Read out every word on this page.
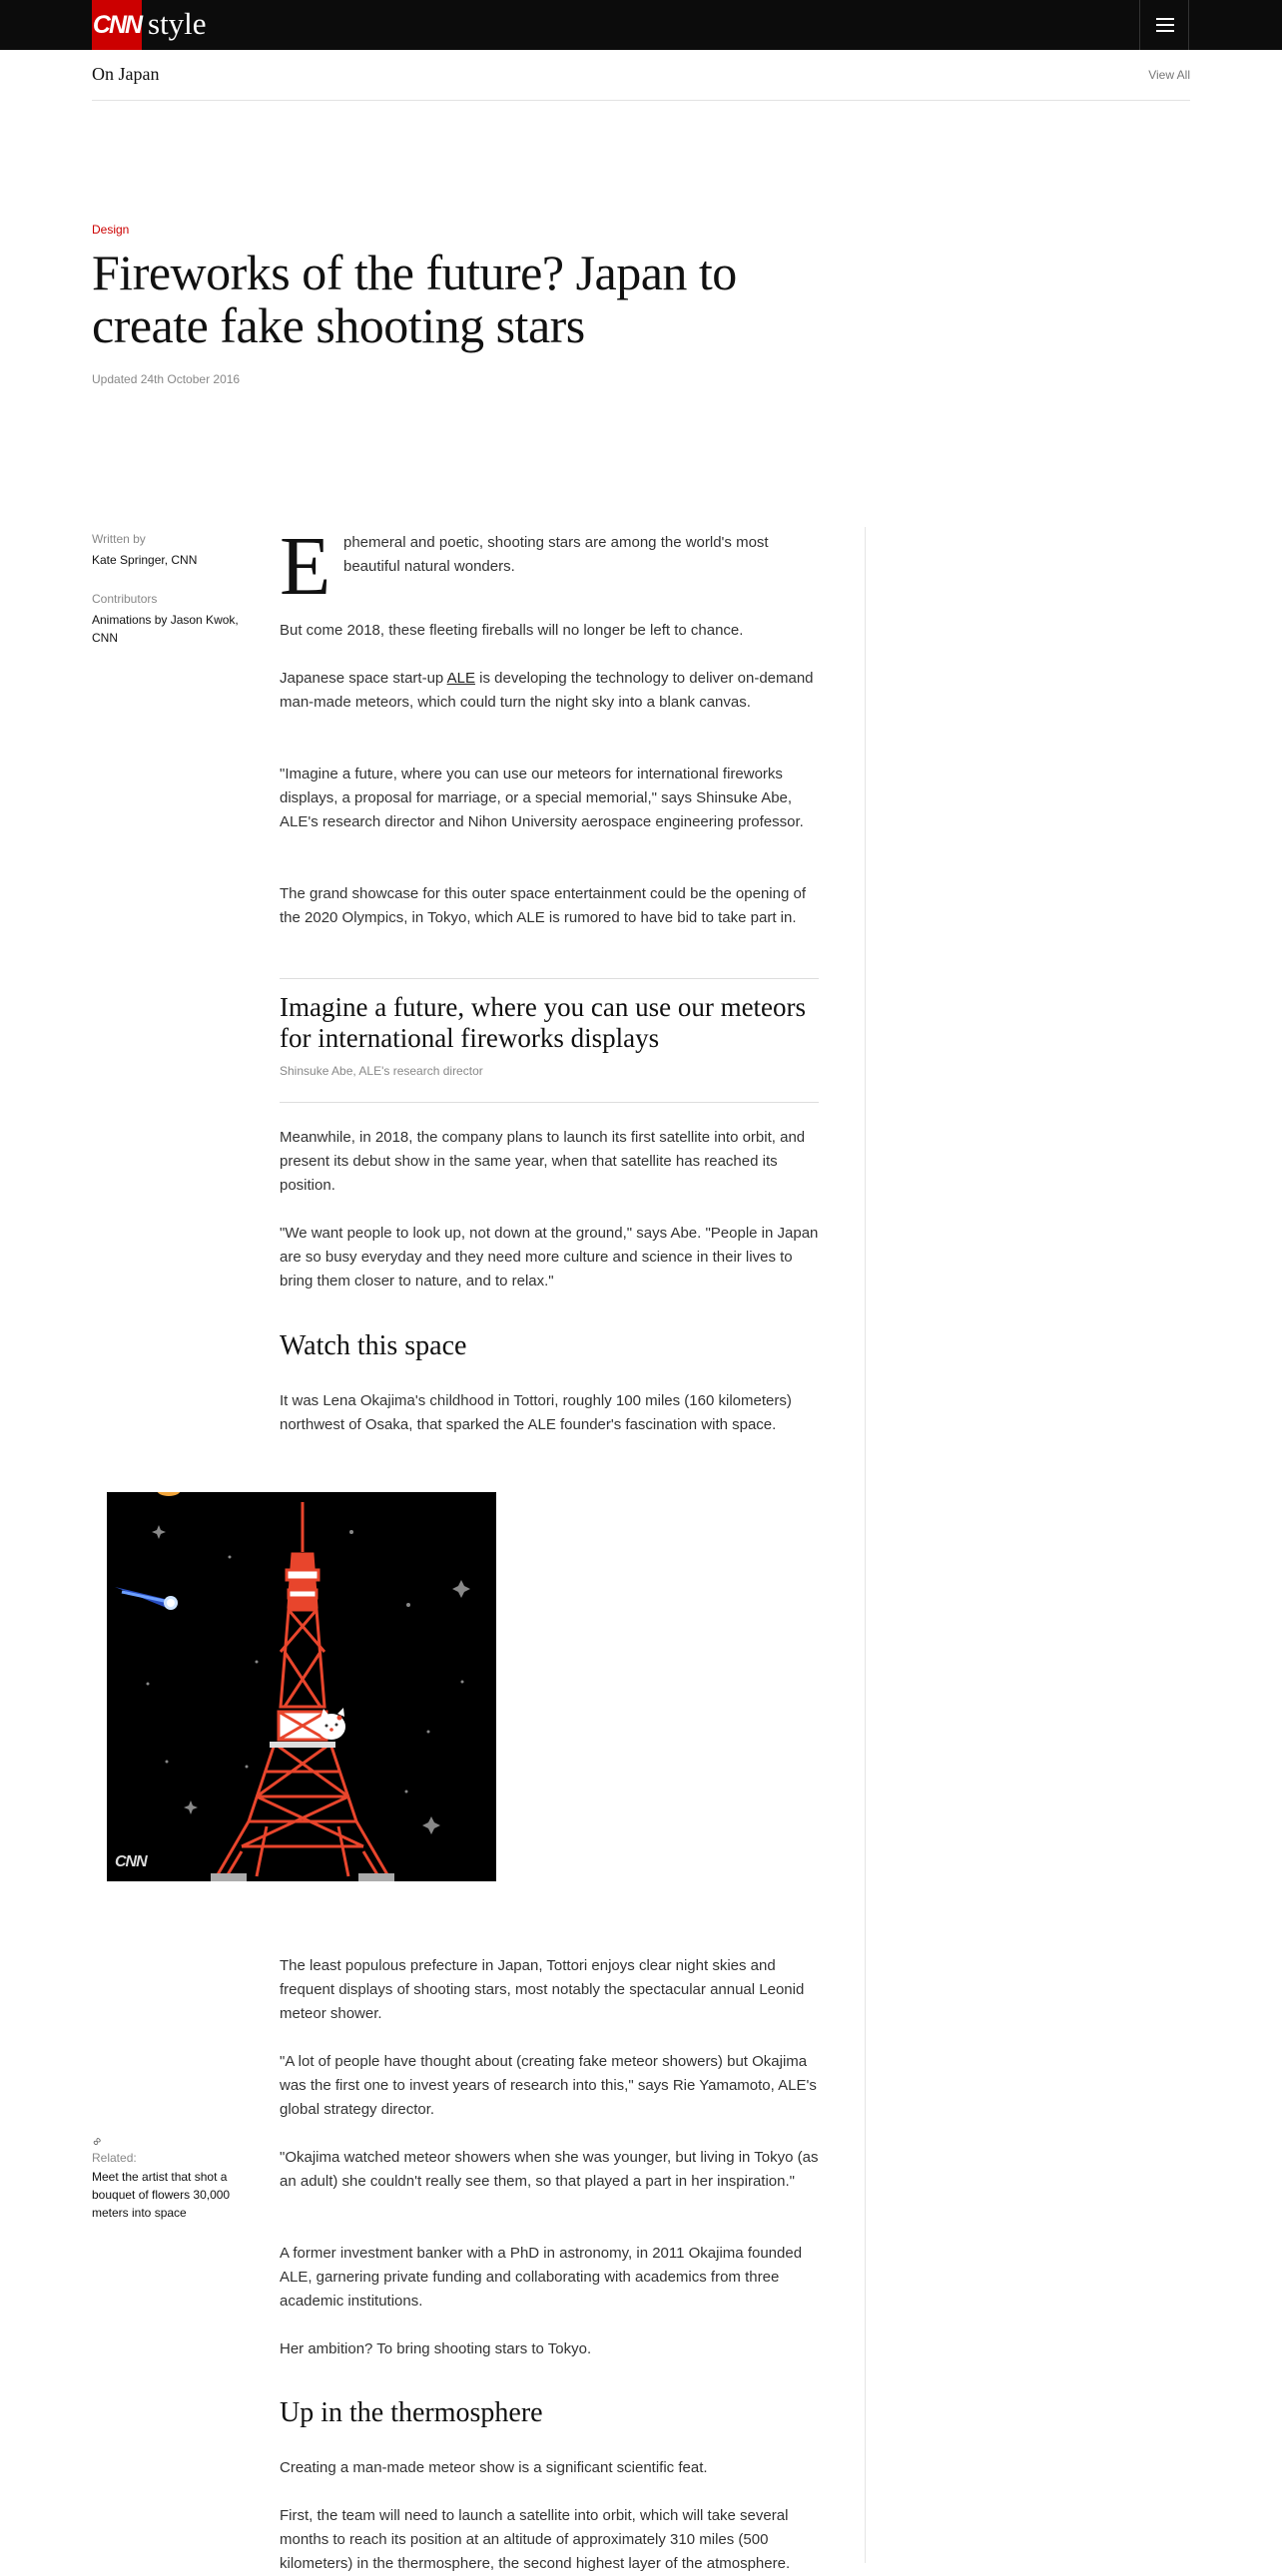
CNN style
On Japan	View All
Design
Fireworks of the future? Japan to create fake shooting stars
Updated 24th October 2016
Written by
Kate Springer, CNN
Contributors
Animations by Jason Kwok, CNN
E phemeral and poetic, shooting stars are among the world's most beautiful natural wonders.

But come 2018, these fleeting fireballs will no longer be left to chance.

Japanese space start-up ALE is developing the technology to deliver on-demand man-made meteors, which could turn the night sky into a blank canvas.

"Imagine a future, where you can use our meteors for international fireworks displays, a proposal for marriage, or a special memorial," says Shinsuke Abe, ALE's research director and Nihon University aerospace engineering professor.

The grand showcase for this outer space entertainment could be the opening of the 2020 Olympics, in Tokyo, which ALE is rumored to have bid to take part in.

Imagine a future, where you can use our meteors for international fireworks displays
Shinsuke Abe, ALE's research director

Meanwhile, in 2018, the company plans to launch its first satellite into orbit, and present its debut show in the same year, when that satellite has reached its position.

"We want people to look up, not down at the ground," says Abe. "People in Japan are so busy everyday and they need more culture and science in their lives to bring them closer to nature, and to relax."

Watch this space

It was Lena Okajima's childhood in Tottori, roughly 100 miles (160 kilometers) northwest of Osaka, that sparked the ALE founder's fascination with space.

CNN
∞
Related:
Meet the artist that shot a bouquet of flowers 30,000 meters into space

The least populous prefecture in Japan, Tottori enjoys clear night skies and frequent displays of shooting stars, most notably the spectacular annual Leonid meteor shower.

"A lot of people have thought about (creating fake meteor showers) but Okajima was the first one to invest years of research into this," says Rie Yamamoto, ALE's global strategy director.

"Okajima watched meteor showers when she was younger, but living in Tokyo (as an adult) she couldn't really see them, so that played a part in her inspiration."

A former investment banker with a PhD in astronomy, in 2011 Okajima founded ALE, garnering private funding and collaborating with academics from three academic institutions.

Her ambition? To bring shooting stars to Tokyo.

Up in the thermosphere

Creating a man-made meteor show is a significant scientific feat.

First, the team will need to launch a satellite into orbit, which will take several months to reach its position at an altitude of approximately 310 miles (500 kilometers) in the thermosphere, the second highest layer of the atmosphere.
